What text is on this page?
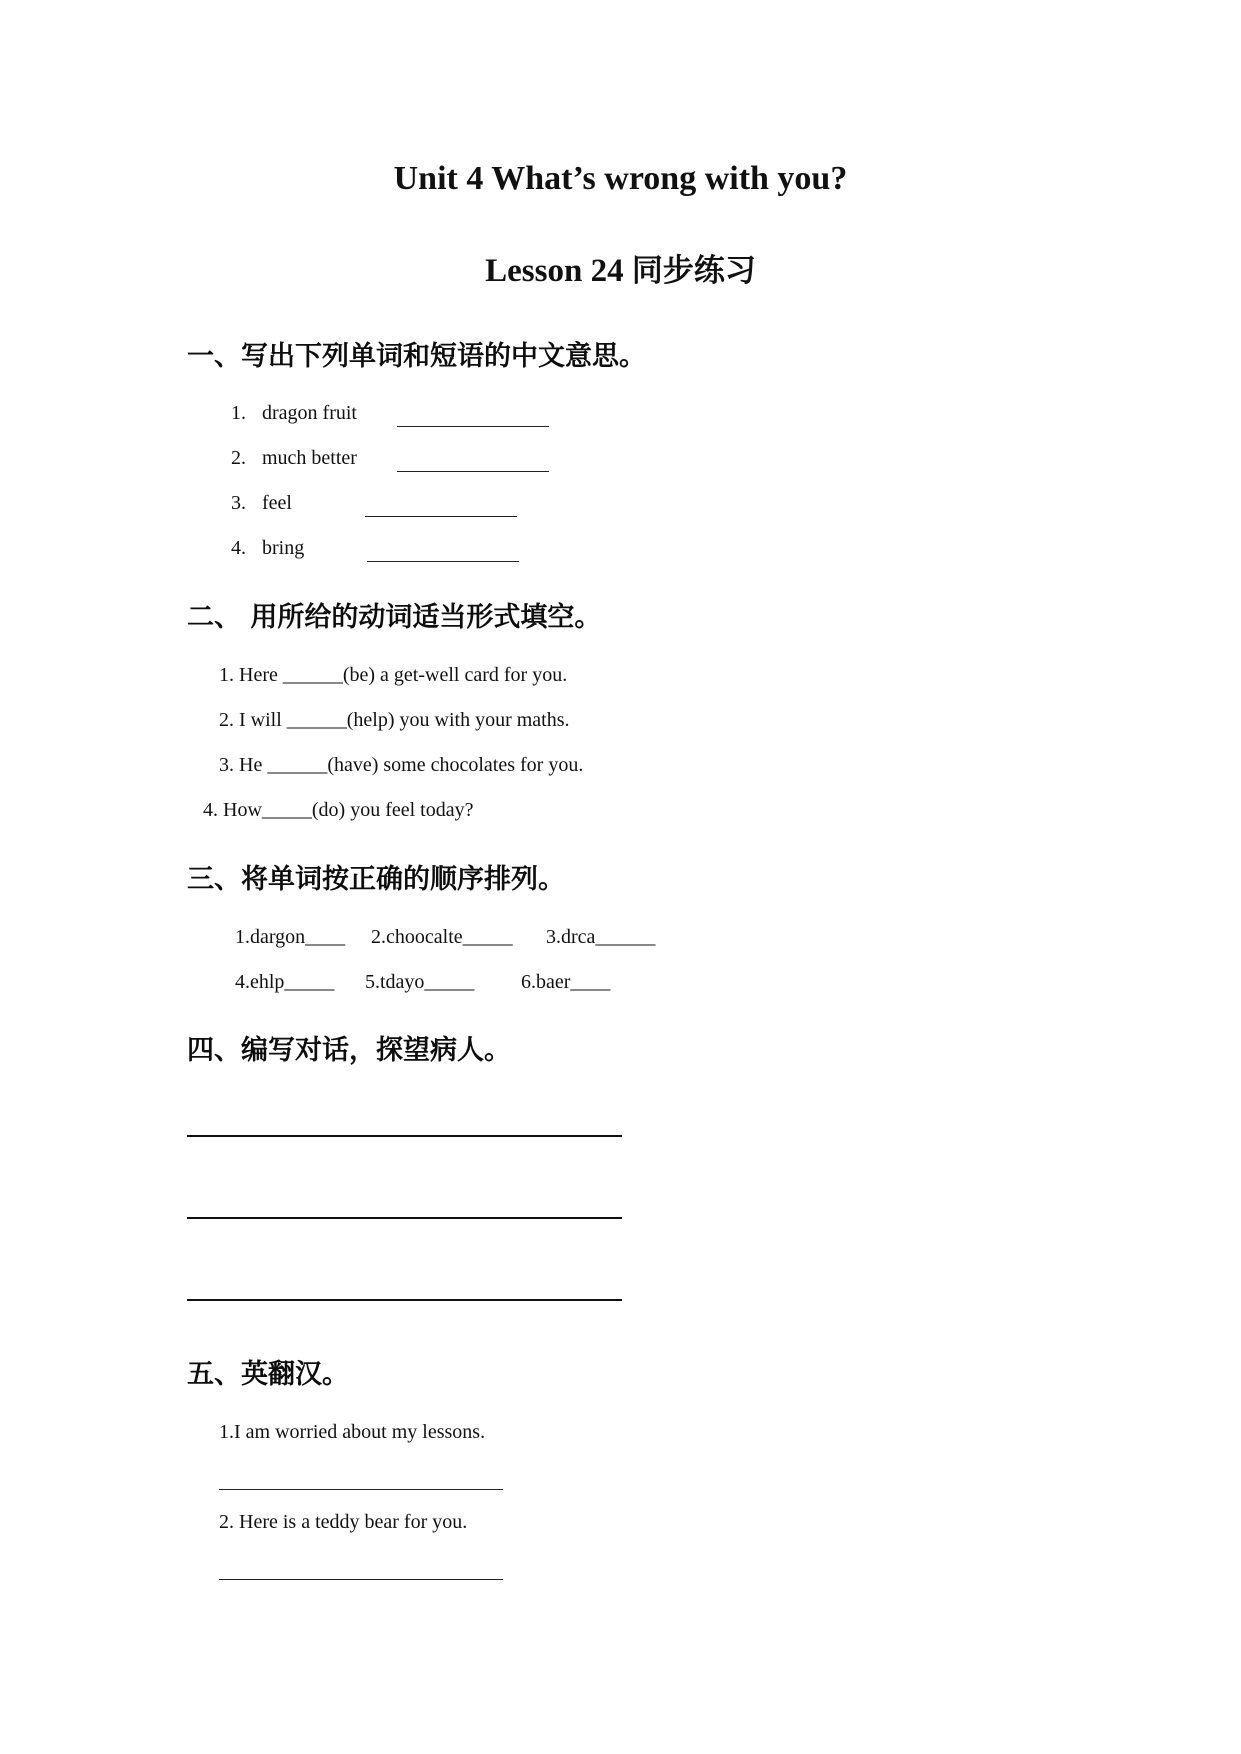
Unit 4 What’s wrong with you?
Lesson 24 同步练习
一、写出下列单词和短语的中文意思。
1. dragon fruit
2. much better
3. feel
4. bring
二、 用所给的动词适当形式填空。
1. Here ______(be) a get-well card for you.
2. I will ______(help) you with your maths.
3. He ______(have) some chocolates for you.
4. How_____(do) you feel today?
三、将单词按正确的顺序排列。
1.dargon____ 2.choocalte_____ 3.drca______
4.ehlp_____ 5.tdayo_____ 6.baer____
四、编写对话，探望病人。
五、英翻汉。
1.I am worried about my lessons.
2. Here is a teddy bear for you.
